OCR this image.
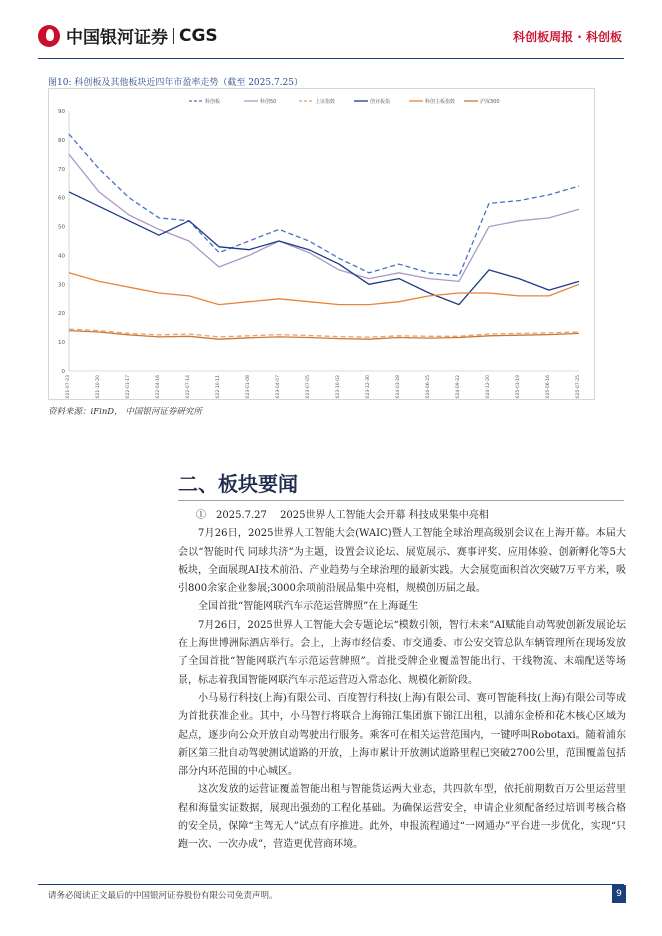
中国银河证券 CGS	科创板周报 · 科创板
图10: 科创板及其他板块近四年市盈率走势（截至 2025.7.25）
科创板	科创50	上证指数	创业板指	科创主板指数	沪深300
0
10
20
30
40
50
60
70
80
90
2021-07-23	2021-10-20	2022-01-17	2022-04-16	2022-07-14	2022-10-11	2023-01-08	2023-04-07	2023-07-05	2023-10-02	2023-12-30	2024-03-28	2024-06-25	2024-09-22	2024-12-20	2025-03-19	2025-06-16	2025-07-25
资料来源：iFinD， 中国银河证券研究所
二、板块要闻

①　2025.7.27　 2025世界人工智能大会开幕 科技成果集中亮相

7月26日，2025世界人工智能大会(WAIC)暨人工智能全球治理高级别会议在上海开幕。本届大会以“智能时代 同球共济”为主题，设置会议论坛、展览展示、赛事评奖、应用体验、创新孵化等5大板块，全面展现AI技术前沿、产业趋势与全球治理的最新实践。大会展览面积首次突破7万平方米，吸引800余家企业参展;3000余项前沿展品集中亮相，规模创历届之最。

全国首批“智能网联汽车示范运营牌照”在上海诞生

7月26日，2025世界人工智能大会专题论坛“模数引领，智行未来”AI赋能自动驾驶创新发展论坛在上海世博洲际酒店举行。会上，上海市经信委、市交通委、市公安交管总队车辆管理所在现场发放了全国首批“智能网联汽车示范运营牌照”。首批受牌企业覆盖智能出行、干线物流、末端配送等场景，标志着我国智能网联汽车示范运营迈入常态化、规模化新阶段。

小马易行科技(上海)有限公司、百度智行科技(上海)有限公司、赛可智能科技(上海)有限公司等成为首批获准企业。其中，小马智行将联合上海锦江集团旗下锦江出租，以浦东金桥和花木核心区域为起点，逐步向公众开放自动驾驶出行服务。乘客可在相关运营范围内，一键呼叫Robotaxi。随着浦东新区第三批自动驾驶测试道路的开放，上海市累计开放测试道路里程已突破2700公里，范围覆盖包括部分内环范围的中心城区。

这次发放的运营证覆盖智能出租与智能货运两大业态，共四款车型，依托前期数百万公里运营里程和海量实证数据，展现出强劲的工程化基础。为确保运营安全，申请企业须配备经过培训考核合格的安全员，保障“主驾无人”试点有序推进。此外，申报流程通过“一网通办”平台进一步优化，实现“只跑一次、一次办成”，营造更优营商环境。

请务必阅读正文最后的中国银河证券股份有限公司免责声明。	9
